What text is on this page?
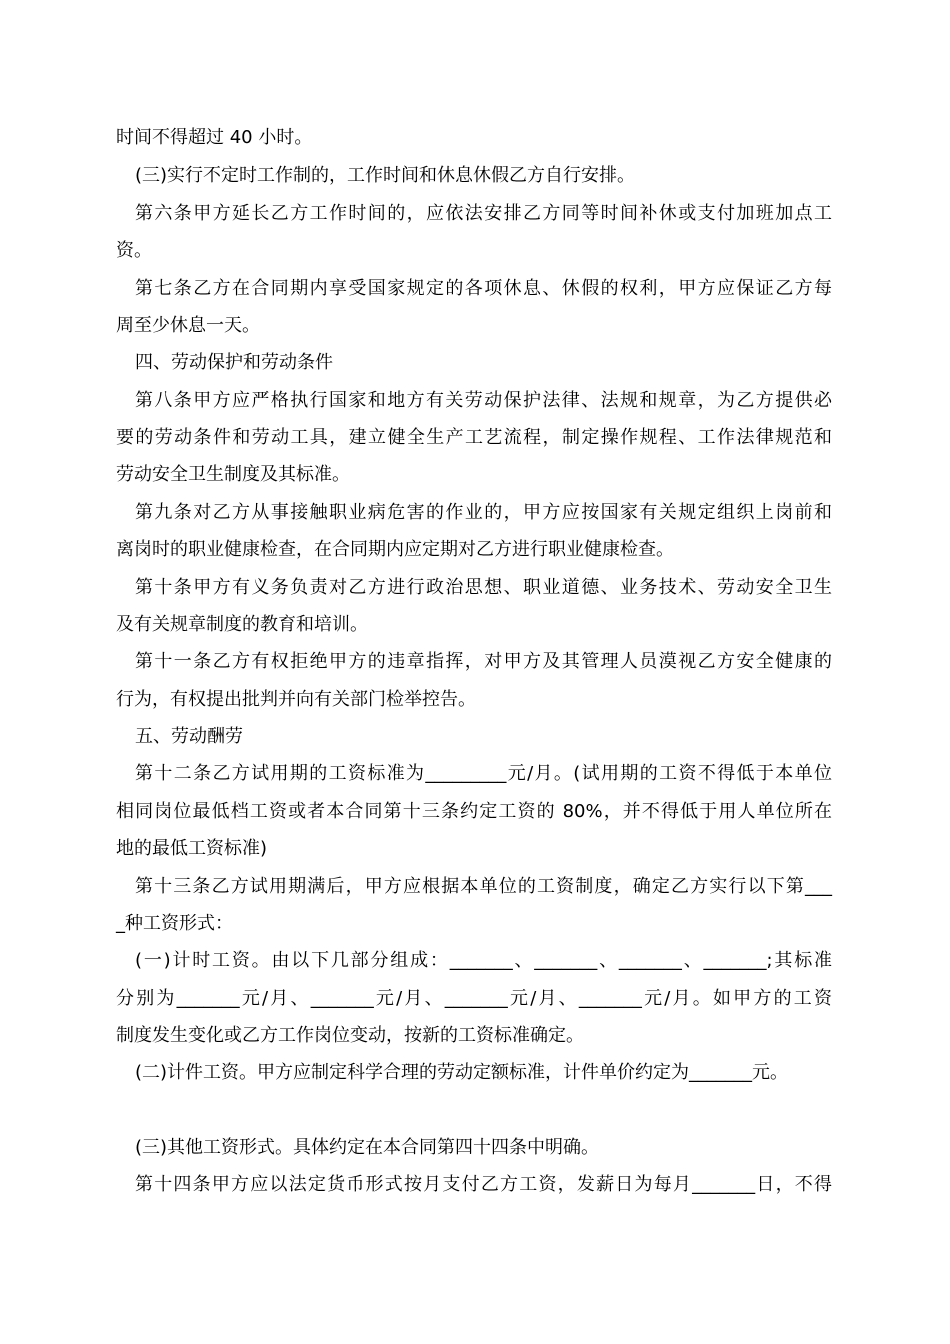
时间不得超过 40 小时。

(三)实行不定时工作制的，工作时间和休息休假乙方自行安排。

第六条甲方延长乙方工作时间的，应依法安排乙方同等时间补休或支付加班加点工

资。

第七条乙方在合同期内享受国家规定的各项休息、休假的权利，甲方应保证乙方每

周至少休息一天。

四、劳动保护和劳动条件

第八条甲方应严格执行国家和地方有关劳动保护法律、法规和规章，为乙方提供必

要的劳动条件和劳动工具，建立健全生产工艺流程，制定操作规程、工作法律规范和

劳动安全卫生制度及其标准。

第九条对乙方从事接触职业病危害的作业的，甲方应按国家有关规定组织上岗前和

离岗时的职业健康检查，在合同期内应定期对乙方进行职业健康检查。

第十条甲方有义务负责对乙方进行政治思想、职业道德、业务技术、劳动安全卫生

及有关规章制度的教育和培训。

第十一条乙方有权拒绝甲方的违章指挥，对甲方及其管理人员漠视乙方安全健康的

行为，有权提出批判并向有关部门检举控告。

五、劳动酬劳

第十二条乙方试用期的工资标准为_________元/月。(试用期的工资不得低于本单位

相同岗位最低档工资或者本合同第十三条约定工资的 80%，并不得低于用人单位所在

地的最低工资标准)

第十三条乙方试用期满后，甲方应根据本单位的工资制度，确定乙方实行以下第___

_种工资形式：

(一)计时工资。由以下几部分组成：_______、_______、_______、_______;其标准

分别为_______元/月、_______元/月、_______元/月、_______元/月。如甲方的工资

制度发生变化或乙方工作岗位变动，按新的工资标准确定。

(二)计件工资。甲方应制定科学合理的劳动定额标准，计件单价约定为_______元。

(三)其他工资形式。具体约定在本合同第四十四条中明确。

第十四条甲方应以法定货币形式按月支付乙方工资，发薪日为每月_______日，不得
